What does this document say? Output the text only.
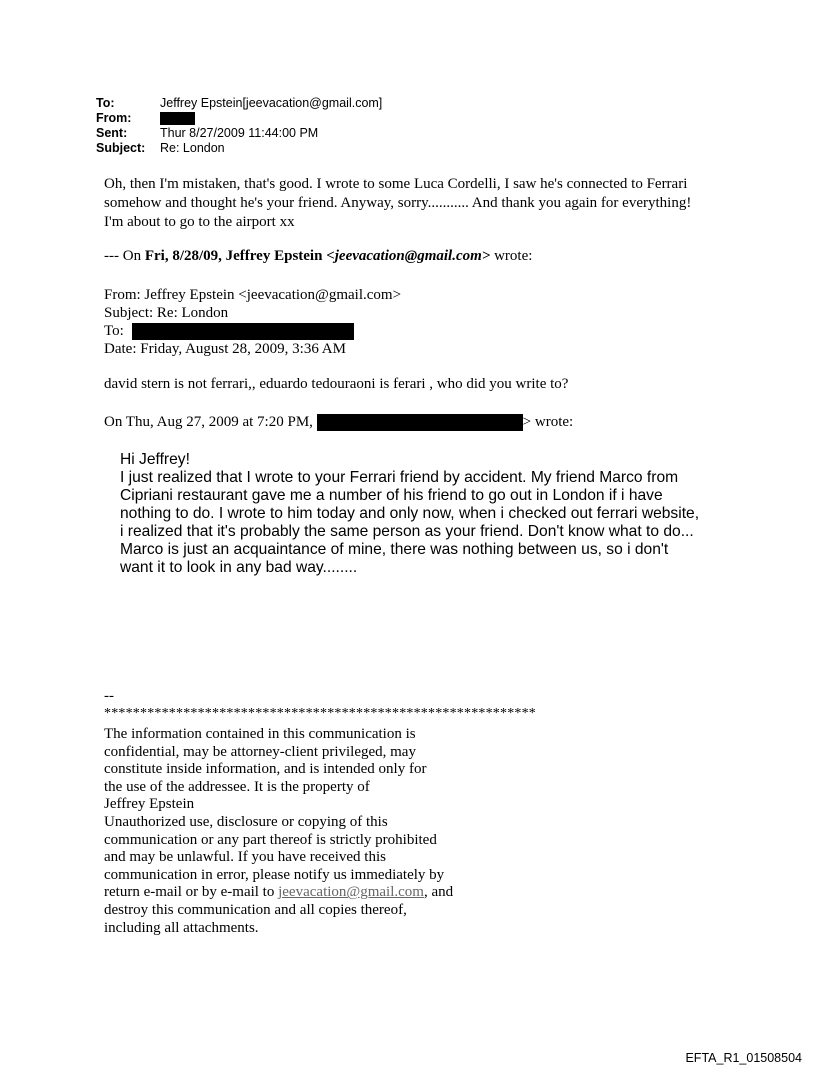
To:	Jeffrey Epstein[jeevacation@gmail.com]
From:
Sent:	Thur 8/27/2009 11:44:00 PM
Subject: Re: London
Oh, then I'm mistaken, that's good. I wrote to some Luca Cordelli, I saw he's connected to Ferrari somehow and thought he's your friend. Anyway, sorry........... And thank you again for everything! I'm about to go to the airport xx
--- On Fri, 8/28/09, Jeffrey Epstein <jeevacation@gmail.com> wrote:
From: Jeffrey Epstein <jeevacation@gmail.com>
Subject: Re: London
To:
Date: Friday, August 28, 2009, 3:36 AM
david stern is not ferrari,, eduardo tedouraoni is ferari , who did you write to?
On Thu, Aug 27, 2009 at 7:20 PM,	> wrote:
Hi Jeffrey!
I just realized that I wrote to your Ferrari friend by accident. My friend Marco from Cipriani restaurant gave me a number of his friend to go out in London if i have nothing to do. I wrote to him today and only now, when i checked out ferrari website, i realized that it's probably the same person as your friend. Don't know what to do... Marco is just an acquaintance of mine, there was nothing between us, so i don't want it to look in any bad way........
--
************************************************************
The information contained in this communication is
confidential, may be attorney-client privileged, may
constitute inside information, and is intended only for
the use of the addressee. It is the property of
Jeffrey Epstein
Unauthorized use, disclosure or copying of this
communication or any part thereof is strictly prohibited
and may be unlawful. If you have received this
communication in error, please notify us immediately by
return e-mail or by e-mail to jeevacation@gmail.com, and
destroy this communication and all copies thereof,
including all attachments.
EFTA_R1_01508504
